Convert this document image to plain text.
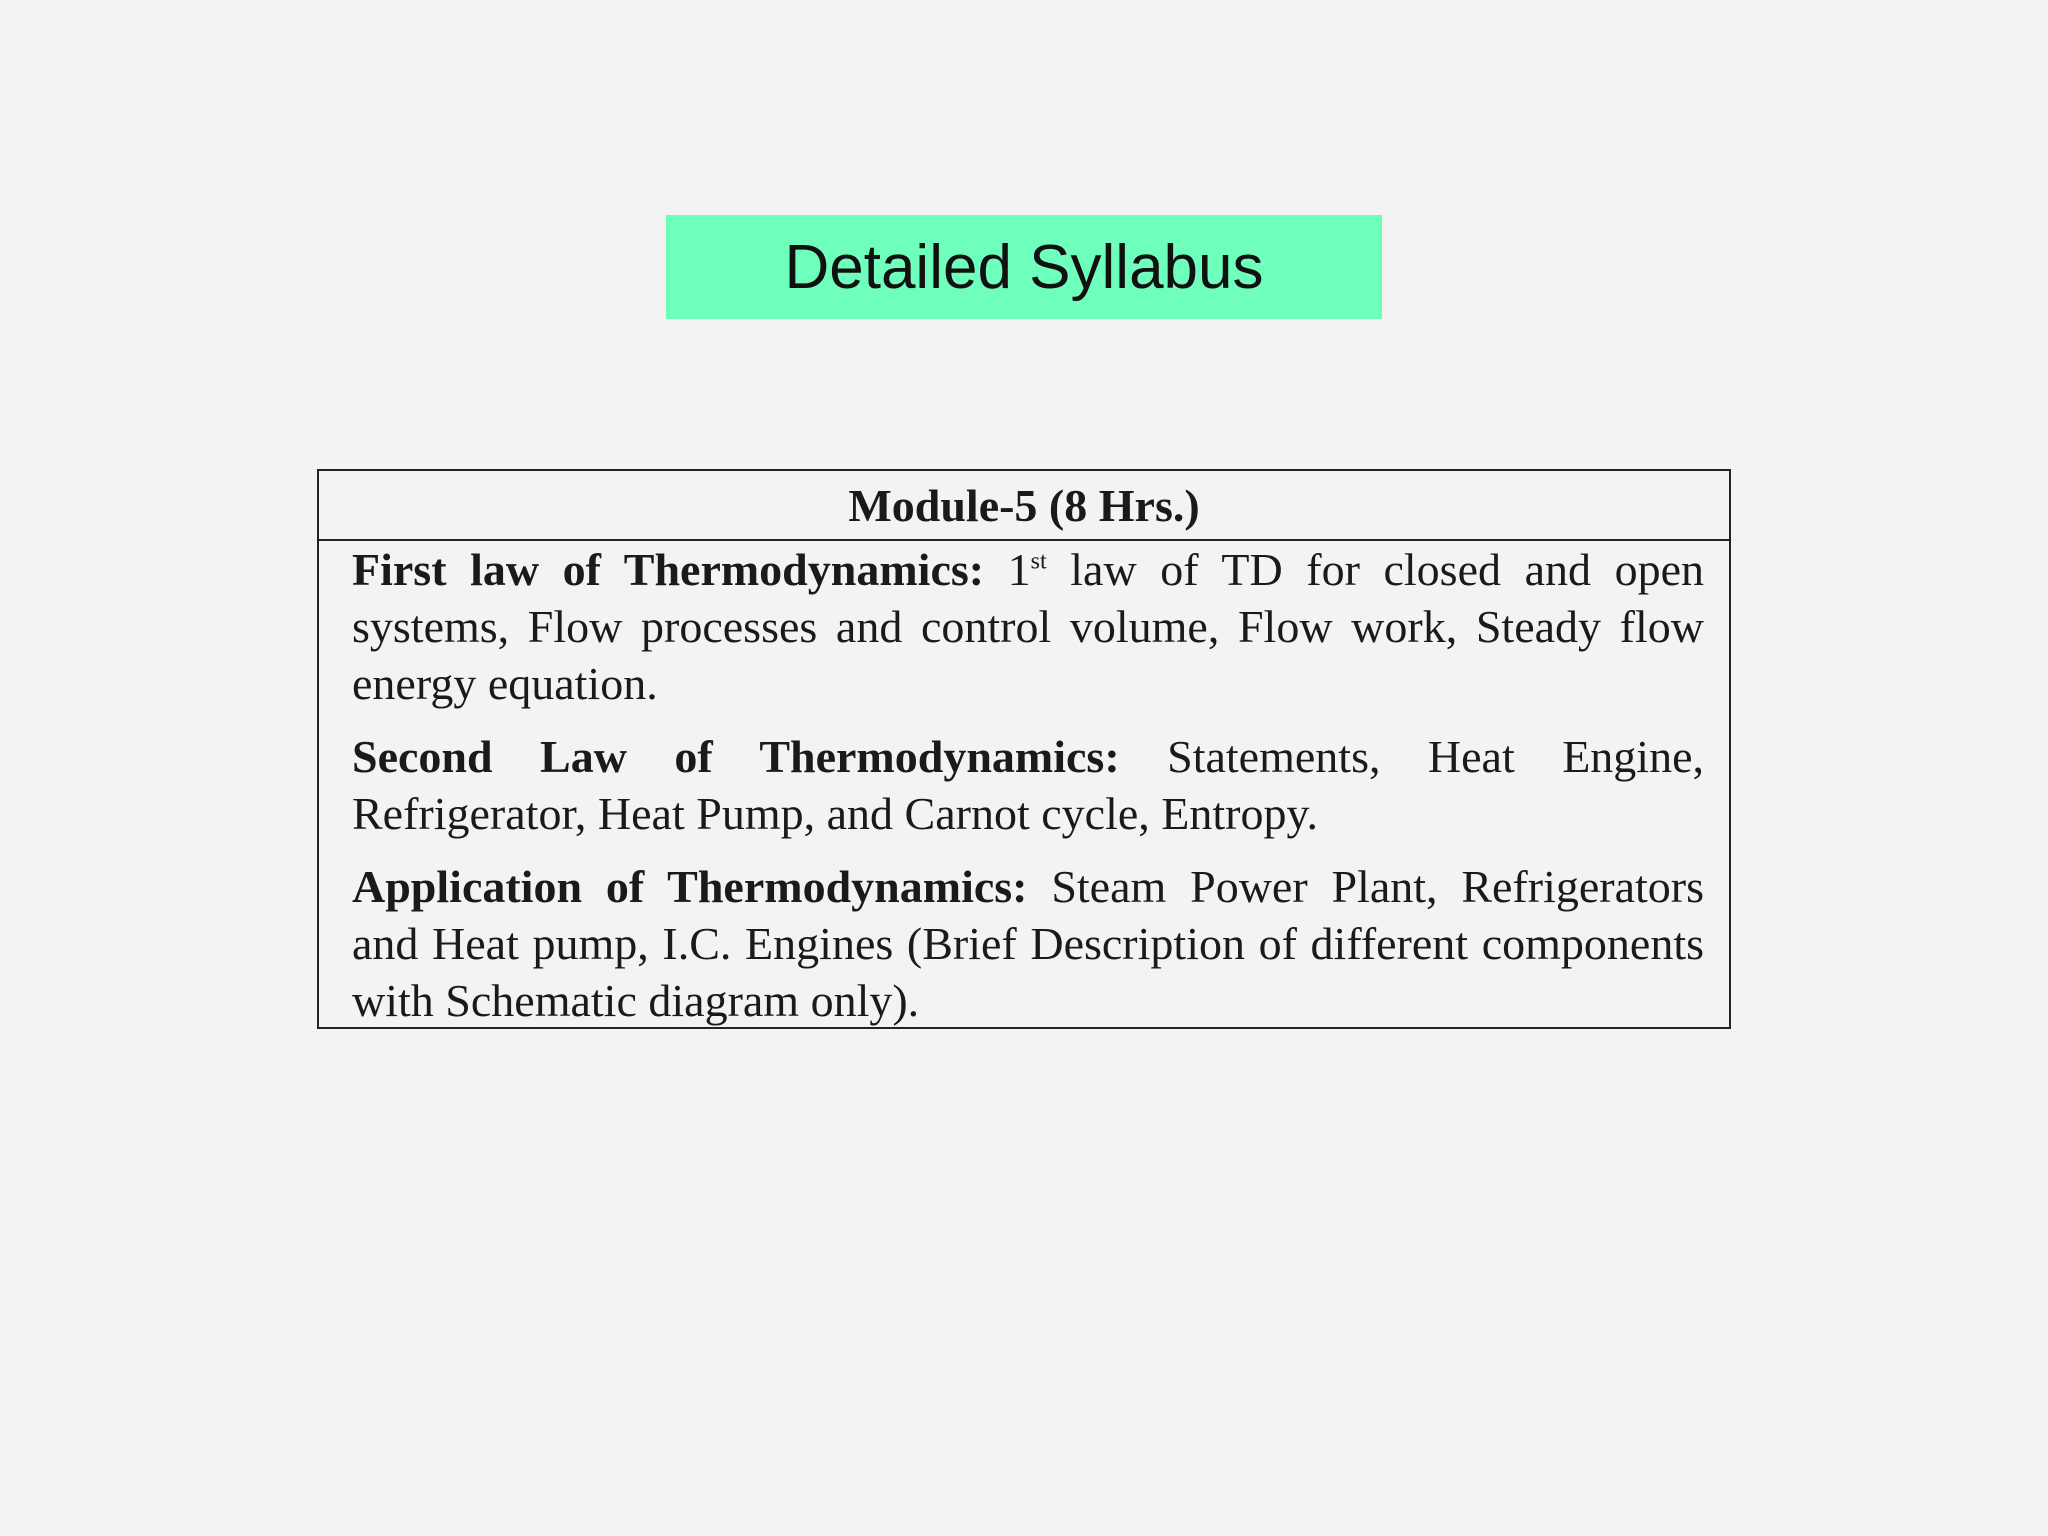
Detailed Syllabus
Module-5 (8 Hrs.)

First law of Thermodynamics: 1st law of TD for closed and open systems, Flow processes and control volume, Flow work, Steady flow energy equation.

Second Law of Thermodynamics: Statements, Heat Engine, Refrigerator, Heat Pump, and Carnot cycle, Entropy.

Application of Thermodynamics: Steam Power Plant, Refrigerators and Heat pump, I.C. Engines (Brief Description of different components with Schematic diagram only).
